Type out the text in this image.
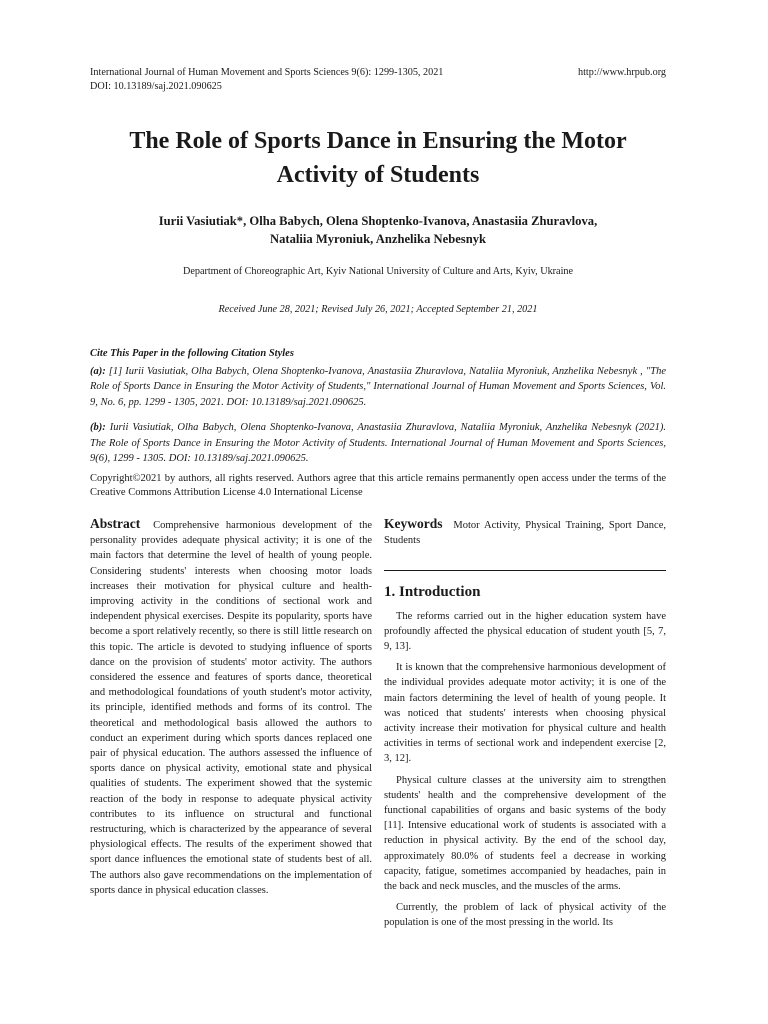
International Journal of Human Movement and Sports Sciences 9(6): 1299-1305, 2021
DOI: 10.13189/saj.2021.090625
http://www.hrpub.org
The Role of Sports Dance in Ensuring the Motor Activity of Students
Iurii Vasiutiak*, Olha Babych, Olena Shoptenko-Ivanova, Anastasiia Zhuravlova,
Nataliia Myroniuk, Anzhelika Nebesnyk
Department of Choreographic Art, Kyiv National University of Culture and Arts, Kyiv, Ukraine
Received June 28, 2021; Revised July 26, 2021; Accepted September 21, 2021
Cite This Paper in the following Citation Styles
(a): [1] Iurii Vasiutiak, Olha Babych, Olena Shoptenko-Ivanova, Anastasiia Zhuravlova, Nataliia Myroniuk, Anzhelika Nebesnyk , "The Role of Sports Dance in Ensuring the Motor Activity of Students," International Journal of Human Movement and Sports Sciences, Vol. 9, No. 6, pp. 1299 - 1305, 2021. DOI: 10.13189/saj.2021.090625.
(b): Iurii Vasiutiak, Olha Babych, Olena Shoptenko-Ivanova, Anastasiia Zhuravlova, Nataliia Myroniuk, Anzhelika Nebesnyk (2021). The Role of Sports Dance in Ensuring the Motor Activity of Students. International Journal of Human Movement and Sports Sciences, 9(6), 1299 - 1305. DOI: 10.13189/saj.2021.090625.
Copyright©2021 by authors, all rights reserved. Authors agree that this article remains permanently open access under the terms of the Creative Commons Attribution License 4.0 International License
Abstract Comprehensive harmonious development of the personality provides adequate physical activity; it is one of the main factors that determine the level of health of young people. Considering students' interests when choosing motor loads increases their motivation for physical culture and health-improving activity in the conditions of sectional work and independent physical exercises. Despite its popularity, sports have become a sport relatively recently, so there is still little research on this topic. The article is devoted to studying influence of sports dance on the provision of students' motor activity. The authors considered the essence and features of sports dance, theoretical and methodological foundations of youth student's motor activity, its principle, identified methods and forms of its control. The theoretical and methodological basis allowed the authors to conduct an experiment during which sports dances replaced one pair of physical education. The authors assessed the influence of sports dance on physical activity, emotional state and physical qualities of students. The experiment showed that the systemic reaction of the body in response to adequate physical activity contributes to its influence on structural and functional restructuring, which is characterized by the appearance of several physiological effects. The results of the experiment showed that sport dance influences the emotional state of students best of all. The authors also gave recommendations on the implementation of sports dance in physical education classes.
Keywords Motor Activity, Physical Training, Sport Dance, Students
1. Introduction

The reforms carried out in the higher education system have profoundly affected the physical education of student youth [5, 7, 9, 13].

It is known that the comprehensive harmonious development of the individual provides adequate motor activity; it is one of the main factors determining the level of health of young people. It was noticed that students' interests when choosing physical activity increase their motivation for physical culture and health activities in terms of sectional work and independent exercise [2, 3, 12].

Physical culture classes at the university aim to strengthen students' health and the comprehensive development of the functional capabilities of organs and basic systems of the body [11]. Intensive educational work of students is associated with a reduction in physical activity. By the end of the school day, approximately 80.0% of students feel a decrease in working capacity, fatigue, sometimes accompanied by headaches, pain in the back and neck muscles, and the muscles of the arms.

Currently, the problem of lack of physical activity of the population is one of the most pressing in the world. Its
